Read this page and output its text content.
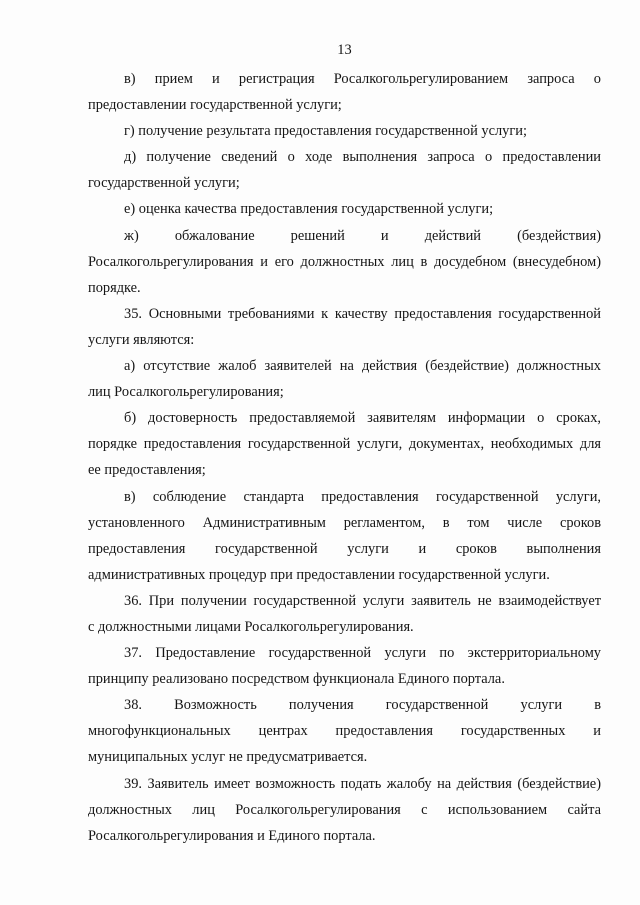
13
в) прием и регистрация Росалкогольрегулированием запроса о
предоставлении государственной услуги;
г) получение результата предоставления государственной услуги;
д) получение сведений о ходе выполнения запроса о предоставлении
государственной услуги;
е) оценка качества предоставления государственной услуги;
ж) обжалование решений и действий (бездействия)
Росалкогольрегулирования и его должностных лиц в досудебном (внесудебном)
порядке.
35. Основными требованиями к качеству предоставления государственной
услуги являются:
а) отсутствие жалоб заявителей на действия (бездействие) должностных
лиц Росалкогольрегулирования;
б) достоверность предоставляемой заявителям информации о сроках,
порядке предоставления государственной услуги, документах, необходимых для
ее предоставления;
в) соблюдение стандарта предоставления государственной услуги,
установленного Административным регламентом, в том числе сроков
предоставления государственной услуги и сроков выполнения
административных процедур при предоставлении государственной услуги.
36. При получении государственной услуги заявитель не взаимодействует
с должностными лицами Росалкогольрегулирования.
37. Предоставление государственной услуги по экстерриториальному
принципу реализовано посредством функционала Единого портала.
38. Возможность получения государственной услуги в
многофункциональных центрах предоставления государственных и
муниципальных услуг не предусматривается.
39. Заявитель имеет возможность подать жалобу на действия (бездействие)
должностных лиц Росалкогольрегулирования с использованием сайта
Росалкогольрегулирования и Единого портала.
